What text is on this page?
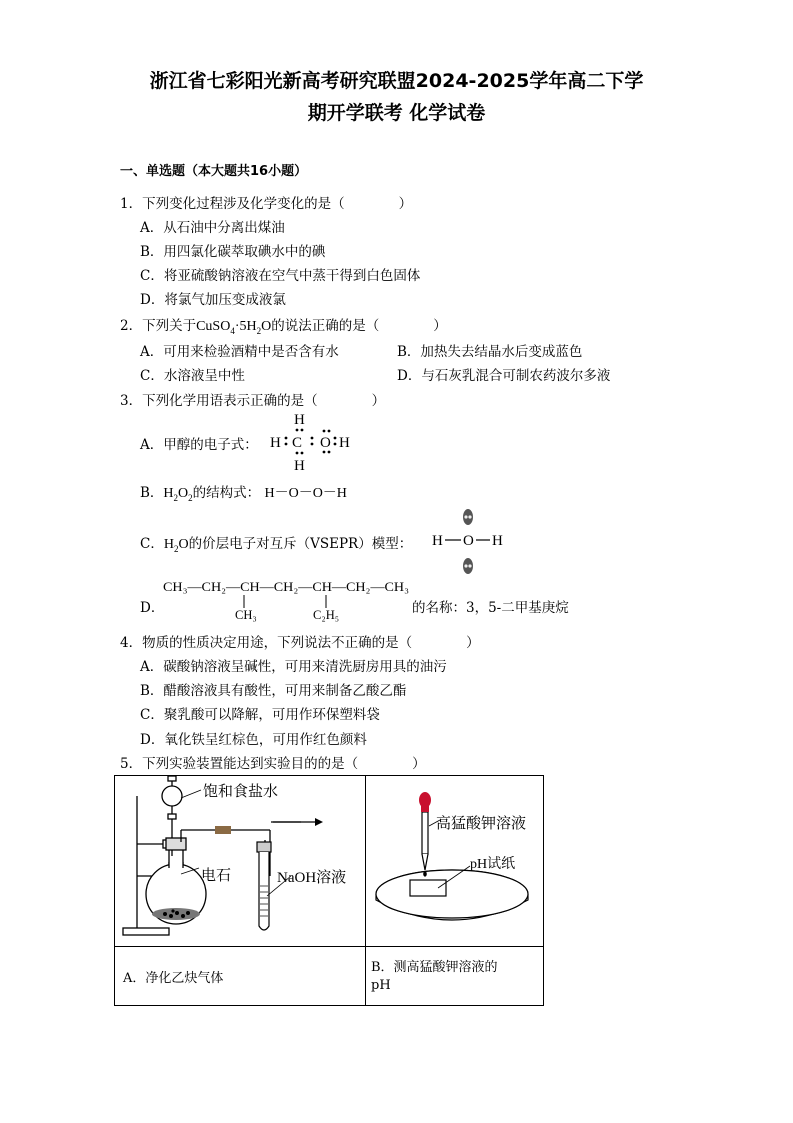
浙江省七彩阳光新高考研究联盟2024-2025学年高二下学
期开学联考 化学试卷
一、单选题（本大题共16小题）
1．下列变化过程涉及化学变化的是（　　　　）
A．从石油中分离出煤油
B．用四氯化碳萃取碘水中的碘
C．将亚硫酸钠溶液在空气中蒸干得到白色固体
D．将氯气加压变成液氯
2．下列关于$CuSO_4\cdot 5H_2O$的说法正确的是（　　　　）
A．可用来检验酒精中是否含有水	B．加热失去结晶水后变成蓝色
C．水溶液呈中性	D．与石灰乳混合可制农药波尔多液
3．下列化学用语表示正确的是（　　　　）
A．甲醇的电子式：
H
H C O H
H
B．$H_2O_2$的结构式： H－O－O－H
C．$H_2O$的价层电子对互斥（VSEPR）模型： H O H
D．
CH₃—CH₂—CH—CH₂—CH—CH₂—CH₃
CH₃	C₂H₅	的名称：3，5-二甲基庚烷
4．物质的性质决定用途，下列说法不正确的是（　　　　）
A．碳酸钠溶液呈碱性，可用来清洗厨房用具的油污
B．醋酸溶液具有酸性，可用来制备乙酸乙酯
C．聚乳酸可以降解，可用作环保塑料袋
D．氧化铁呈红棕色，可用作红色颜料
5．下列实验装置能达到实验目的的是（　　　　）
饱和食盐水
电石	NaOH溶液
高猛酸钾溶液
pH试纸
A．净化乙炔气体
B．测高猛酸钾溶液的
pH
